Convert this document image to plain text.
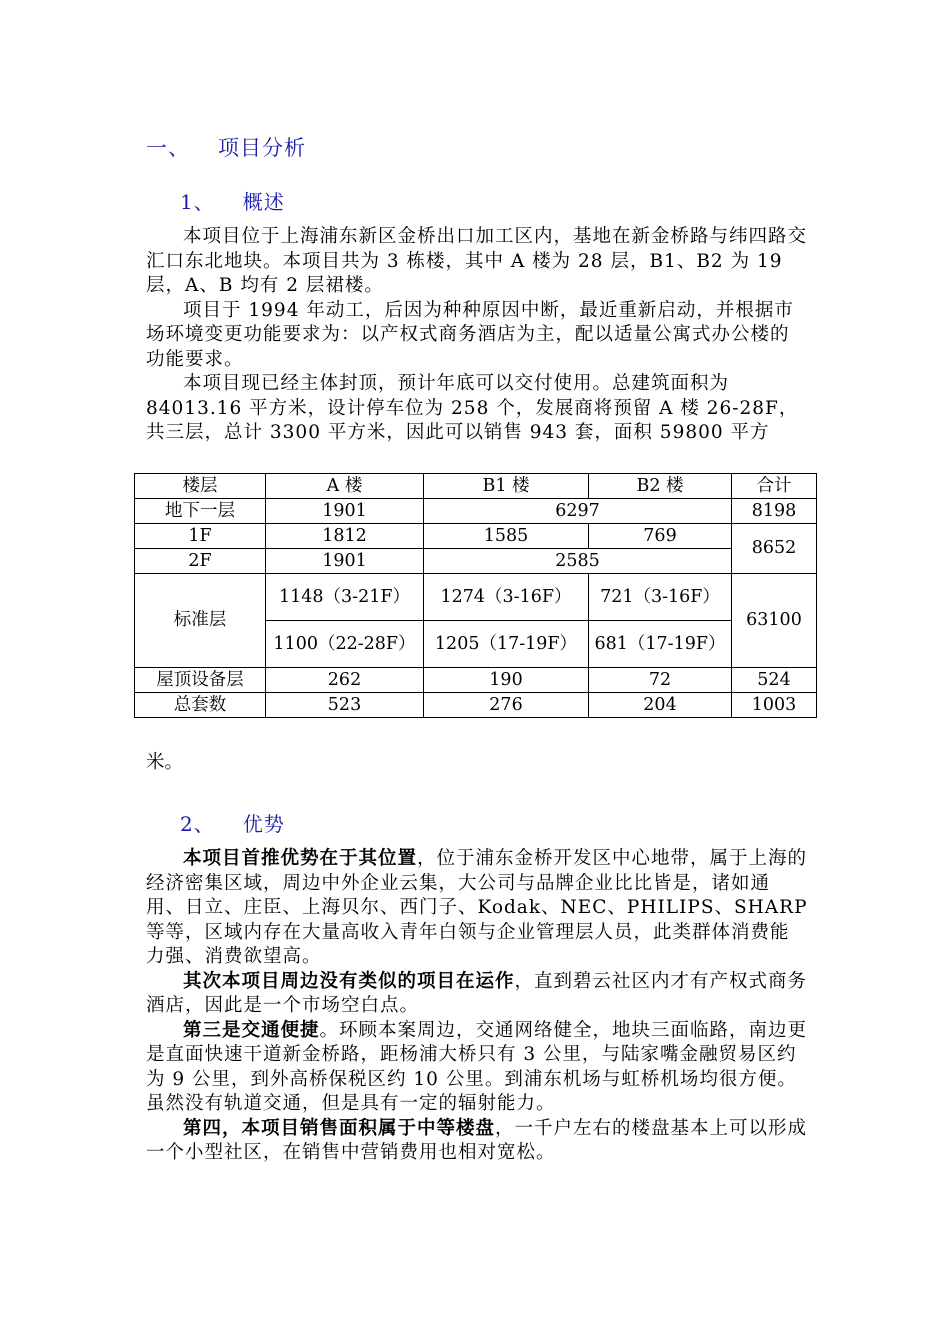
一、 项目分析
1、 概述

本项目位于上海浦东新区金桥出口加工区内，基地在新金桥路与纬四路交汇口东北地块。本项目共为 3 栋楼，其中 A 楼为 28 层，B1、B2 为 19 层，A、B 均有 2 层裙楼。

项目于 1994 年动工，后因为种种原因中断，最近重新启动，并根据市场环境变更功能要求为：以产权式商务酒店为主，配以适量公寓式办公楼的功能要求。

本项目现已经主体封顶，预计年底可以交付使用。总建筑面积为 84013.16 平方米，设计停车位为 258 个，发展商将预留 A 楼 26-28F，

共三层，总计 3300 平方米，因此可以销售 943 套，面积 59800 平方

楼层	A 楼	B1 楼	B2 楼	合计
地下一层	1901	6297		8198
1F	1812	1585	769	8652
2F	1901	2585		
标准层	1148（3-21F）	1274（3-16F）	721（3-16F）	63100
	1100（22-28F）	1205（17-19F）	681（17-19F）	
屋顶设备层	262	190	72	524
总套数	523	276	204	1003
米。
2、 优势

本项目首推优势在于其位置，位于浦东金桥开发区中心地带，属于上海的经济密集区域，周边中外企业云集，大公司与品牌企业比比皆是，诸如通用、日立、庄臣、上海贝尔、西门子、Kodak、NEC、PHILIPS、SHARP 等等，区域内存在大量高收入青年白领与企业管理层人员，此类群体消费能力强、消费欲望高。

其次本项目周边没有类似的项目在运作，直到碧云社区内才有产权式商务酒店，因此是一个市场空白点。

第三是交通便捷。环顾本案周边，交通网络健全，地块三面临路，南边更是直面快速干道新金桥路，距杨浦大桥只有 3 公里，与陆家嘴金融贸易区约为 9 公里，到外高桥保税区约 10 公里。到浦东机场与虹桥机场均很方便。虽然没有轨道交通，但是具有一定的辐射能力。

第四，本项目销售面积属于中等楼盘，一千户左右的楼盘基本上可以形成一个小型社区，在销售中营销费用也相对宽松。
